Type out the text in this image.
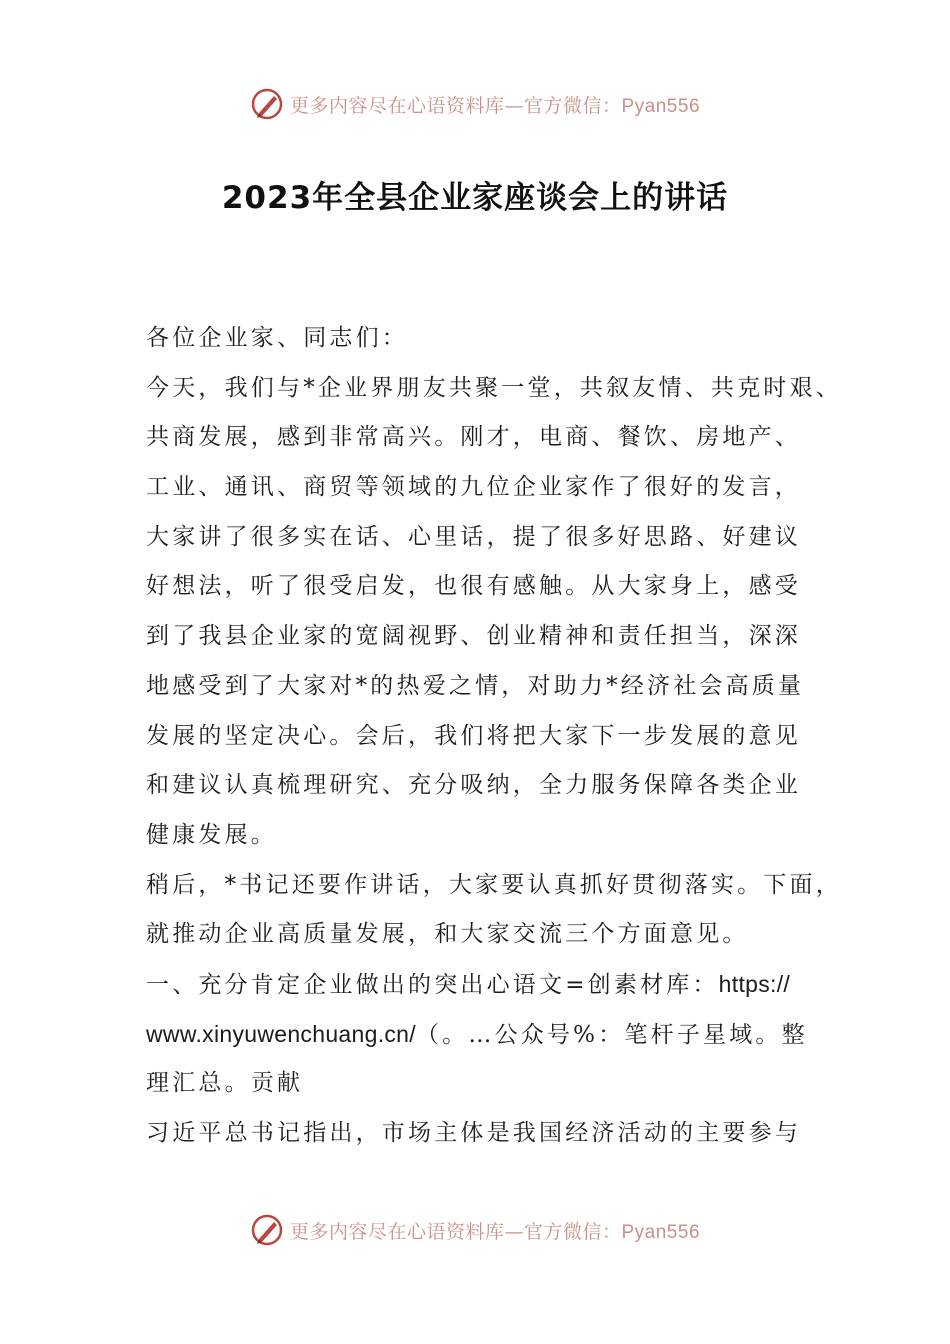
更多内容尽在心语资料库—官方微信：Pyan556
2023年全县企业家座谈会上的讲话
各位企业家、同志们：
今天，我们与*企业界朋友共聚一堂，共叙友情、共克时艰、
共商发展，感到非常高兴。刚才，电商、餐饮、房地产、
工业、通讯、商贸等领域的九位企业家作了很好的发言，
大家讲了很多实在话、心里话，提了很多好思路、好建议
好想法，听了很受启发，也很有感触。从大家身上，感受
到了我县企业家的宽阔视野、创业精神和责任担当，深深
地感受到了大家对*的热爱之情，对助力*经济社会高质量
发展的坚定决心。会后，我们将把大家下一步发展的意见
和建议认真梳理研究、充分吸纳，全力服务保障各类企业
健康发展。
稍后，*书记还要作讲话，大家要认真抓好贯彻落实。下面，
就推动企业高质量发展，和大家交流三个方面意见。
一、充分肯定企业做出的突出心语文=创素材库：https://
www.xinyuwenchuang.cn/（。…公众号%：笔杆子星域。整
理汇总。贡献
习近平总书记指出，市场主体是我国经济活动的主要参与
更多内容尽在心语资料库—官方微信：Pyan556
